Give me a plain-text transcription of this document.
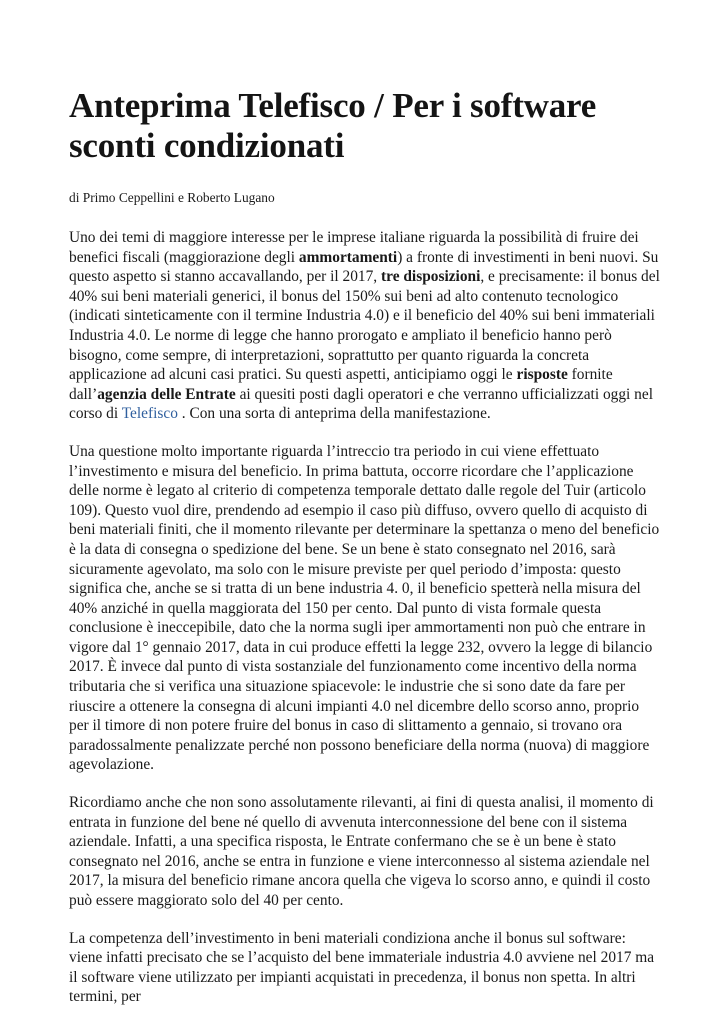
Anteprima Telefisco / Per i software sconti condizionati
di Primo Ceppellini e Roberto Lugano

Uno dei temi di maggiore interesse per le imprese italiane riguarda la possibilità di fruire dei benefici fiscali (maggiorazione degli ammortamenti) a fronte di investimenti in beni nuovi. Su questo aspetto si stanno accavallando, per il 2017, tre disposizioni, e precisamente: il bonus del 40% sui beni materiali generici, il bonus del 150% sui beni ad alto contenuto tecnologico (indicati sinteticamente con il termine Industria 4.0) e il beneficio del 40% sui beni immateriali Industria 4.0. Le norme di legge che hanno prorogato e ampliato il beneficio hanno però bisogno, come sempre, di interpretazioni, soprattutto per quanto riguarda la concreta applicazione ad alcuni casi pratici. Su questi aspetti, anticipiamo oggi le risposte fornite dall’agenzia delle Entrate ai quesiti posti dagli operatori e che verranno ufficializzati oggi nel corso di Telefisco . Con una sorta di anteprima della manifestazione.

Una questione molto importante riguarda l’intreccio tra periodo in cui viene effettuato l’investimento e misura del beneficio. In prima battuta, occorre ricordare che l’applicazione delle norme è legato al criterio di competenza temporale dettato dalle regole del Tuir (articolo 109). Questo vuol dire, prendendo ad esempio il caso più diffuso, ovvero quello di acquisto di beni materiali finiti, che il momento rilevante per determinare la spettanza o meno del beneficio è la data di consegna o spedizione del bene. Se un bene è stato consegnato nel 2016, sarà sicuramente agevolato, ma solo con le misure previste per quel periodo d’imposta: questo significa che, anche se si tratta di un bene industria 4. 0, il beneficio spetterà nella misura del 40% anziché in quella maggiorata del 150 per cento. Dal punto di vista formale questa conclusione è ineccepibile, dato che la norma sugli iper ammortamenti non può che entrare in vigore dal 1° gennaio 2017, data in cui produce effetti la legge 232, ovvero la legge di bilancio 2017. È invece dal punto di vista sostanziale del funzionamento come incentivo della norma tributaria che si verifica una situazione spiacevole: le industrie che si sono date da fare per riuscire a ottenere la consegna di alcuni impianti 4.0 nel dicembre dello scorso anno, proprio per il timore di non potere fruire del bonus in caso di slittamento a gennaio, si trovano ora paradossalmente penalizzate perché non possono beneficiare della norma (nuova) di maggiore agevolazione.

Ricordiamo anche che non sono assolutamente rilevanti, ai fini di questa analisi, il momento di entrata in funzione del bene né quello di avvenuta interconnessione del bene con il sistema aziendale. Infatti, a una specifica risposta, le Entrate confermano che se è un bene è stato consegnato nel 2016, anche se entra in funzione e viene interconnesso al sistema aziendale nel 2017, la misura del beneficio rimane ancora quella che vigeva lo scorso anno, e quindi il costo può essere maggiorato solo del 40 per cento.

La competenza dell’investimento in beni materiali condiziona anche il bonus sul software: viene infatti precisato che se l’acquisto del bene immateriale industria 4.0 avviene nel 2017 ma il software viene utilizzato per impianti acquistati in precedenza, il bonus non spetta. In altri termini, per
